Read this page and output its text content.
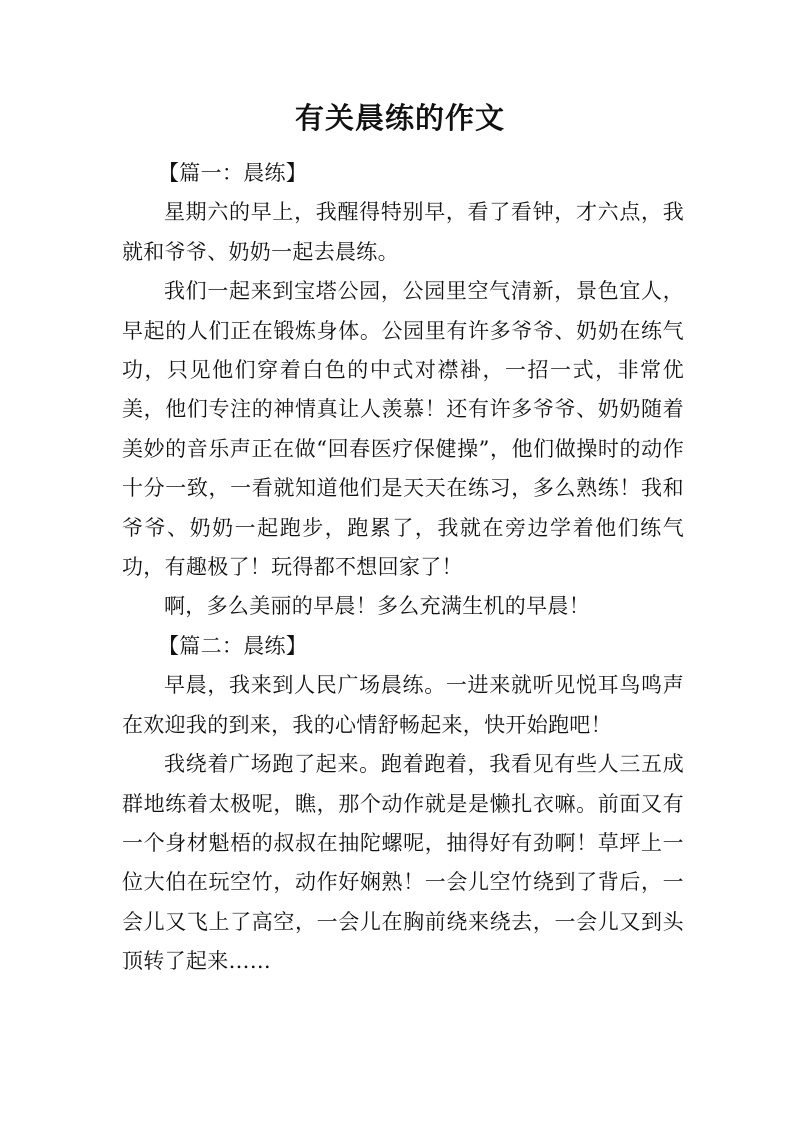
有关晨练的作文

【篇一：晨练】

星期六的早上，我醒得特别早，看了看钟，才六点，我就和爷爷、奶奶一起去晨练。

我们一起来到宝塔公园，公园里空气清新，景色宜人，早起的人们正在锻炼身体。公园里有许多爷爷、奶奶在练气功，只见他们穿着白色的中式对襟褂，一招一式，非常优美，他们专注的神情真让人羡慕！还有许多爷爷、奶奶随着美妙的音乐声正在做“回春医疗保健操”，他们做操时的动作十分一致，一看就知道他们是天天在练习，多么熟练！我和爷爷、奶奶一起跑步，跑累了，我就在旁边学着他们练气功，有趣极了！玩得都不想回家了！

啊，多么美丽的早晨！多么充满生机的早晨！

【篇二：晨练】

早晨，我来到人民广场晨练。一进来就听见悦耳鸟鸣声在欢迎我的到来，我的心情舒畅起来，快开始跑吧！

我绕着广场跑了起来。跑着跑着，我看见有些人三五成群地练着太极呢，瞧，那个动作就是是懒扎衣嘛。前面又有一个身材魁梧的叔叔在抽陀螺呢，抽得好有劲啊！草坪上一位大伯在玩空竹，动作好娴熟！一会儿空竹绕到了背后，一会儿又飞上了高空，一会儿在胸前绕来绕去，一会儿又到头顶转了起来……
